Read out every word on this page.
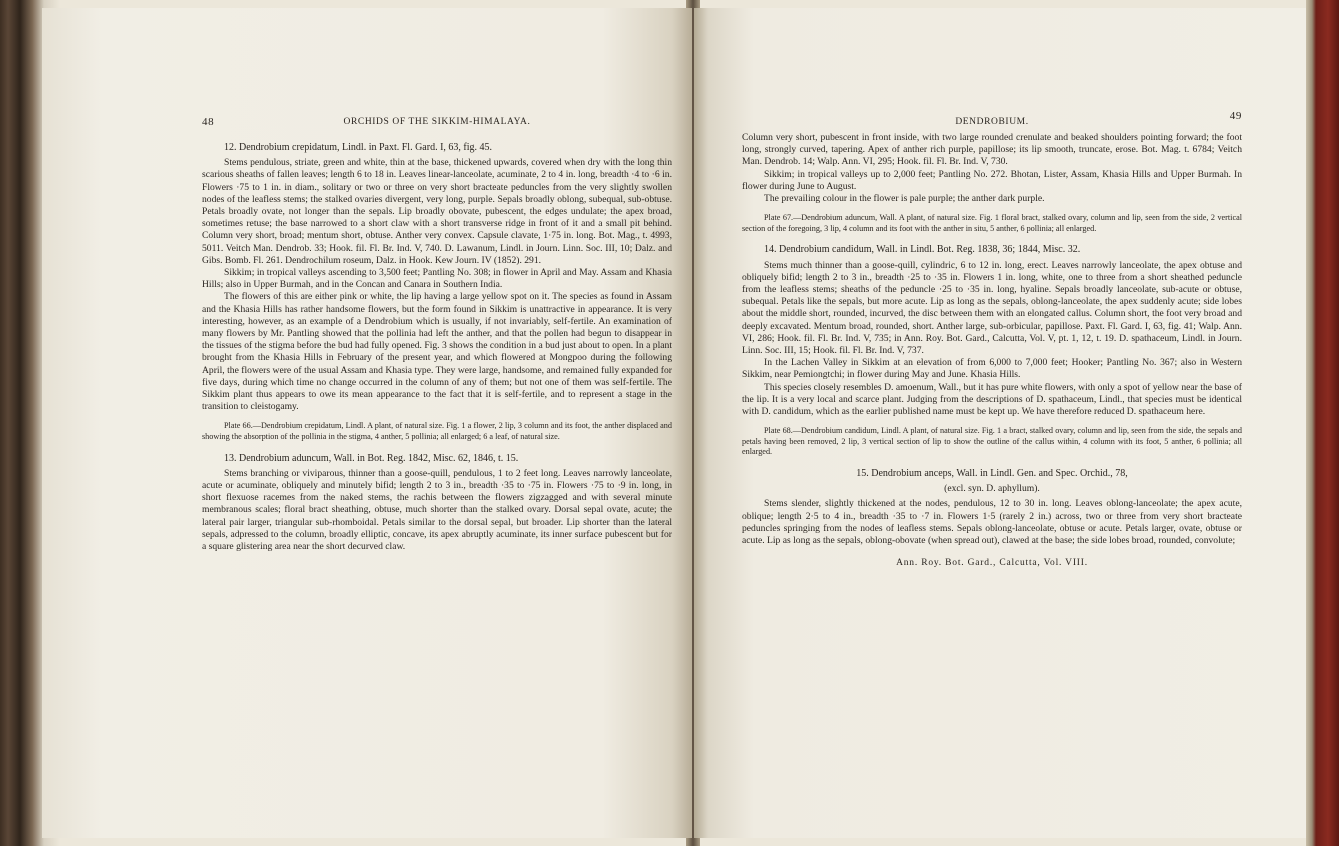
48	ORCHIDS OF THE SIKKIM-HIMALAYA.
12. Dendrobium crepidatum, Lindl. in Paxt. Fl. Gard. I, 63, fig. 45.

Stems pendulous, striate, green and white, thin at the base, thickened upwards, covered when dry with the long thin scarious sheaths of fallen leaves; length 6 to 18 in. Leaves linear-lanceolate, acuminate, 2 to 4 in. long, breadth ·4 to ·6 in. Flowers ·75 to 1 in. in diam., solitary or two or three on very short bracteate peduncles from the very slightly swollen nodes of the leafless stems; the stalked ovaries divergent, very long, purple. Sepals broadly oblong, subequal, sub-obtuse. Petals broadly ovate, not longer than the sepals. Lip broadly obovate, pubescent, the edges undulate; the apex broad, sometimes retuse; the base narrowed to a short claw with a short transverse ridge in front of it and a small pit behind. Column very short, broad; mentum short, obtuse. Anther very convex. Capsule clavate, 1·75 in. long. Bot. Mag., t. 4993, 5011. Veitch Man. Dendrob. 33; Hook. fil. Fl. Br. Ind. V, 740. D. Lawanum, Lindl. in Journ. Linn. Soc. III, 10; Dalz. and Gibs. Bomb. Fl. 261. Dendrochilum roseum, Dalz. in Hook. Kew Journ. IV (1852). 291.

Sikkim; in tropical valleys ascending to 3,500 feet; Pantling No. 308; in flower in April and May. Assam and Khasia Hills; also in Upper Burmah, and in the Concan and Canara in Southern India.

The flowers of this are either pink or white, the lip having a large yellow spot on it. The species as found in Assam and the Khasia Hills has rather handsome flowers, but the form found in Sikkim is unattractive in appearance. It is very interesting, however, as an example of a Dendrobium which is usually, if not invariably, self-fertile. An examination of many flowers by Mr. Pantling showed that the pollinia had left the anther, and that the pollen had begun to disappear in the tissues of the stigma before the bud had fully opened. Fig. 3 shows the condition in a bud just about to open. In a plant brought from the Khasia Hills in February of the present year, and which flowered at Mongpoo during the following April, the flowers were of the usual Assam and Khasia type. They were large, handsome, and remained fully expanded for five days, during which time no change occurred in the column of any of them; but not one of them was self-fertile. The Sikkim plant thus appears to owe its mean appearance to the fact that it is self-fertile, and to represent a stage in the transition to cleistogamy.

Plate 66.—Dendrobium crepidatum, Lindl. A plant, of natural size. Fig. 1 a flower, 2 lip, 3 column and its foot, the anther displaced and showing the absorption of the pollinia in the stigma, 4 anther, 5 pollinia; all enlarged; 6 a leaf, of natural size.

13. Dendrobium aduncum, Wall. in Bot. Reg. 1842, Misc. 62, 1846, t. 15.

Stems branching or viviparous, thinner than a goose-quill, pendulous, 1 to 2 feet long. Leaves narrowly lanceolate, acute or acuminate, obliquely and minutely bifid; length 2 to 3 in., breadth ·35 to ·75 in. Flowers ·75 to ·9 in. long, in short flexuose racemes from the naked stems, the rachis between the flowers zigzagged and with several minute membranous scales; floral bract sheathing, obtuse, much shorter than the stalked ovary. Dorsal sepal ovate, acute; the lateral pair larger, triangular sub-rhomboidal. Petals similar to the dorsal sepal, but broader. Lip shorter than the lateral sepals, adpressed to the column, broadly elliptic, concave, its apex abruptly acuminate, its inner surface pubescent but for a square glistering area near the short decurved claw.

DENDROBIUM.	49

Column very short, pubescent in front inside, with two large rounded crenulate and beaked shoulders pointing forward; the foot long, strongly curved, tapering. Apex of anther rich purple, papillose; its lip smooth, truncate, erose. Bot. Mag. t. 6784; Veitch Man. Dendrob. 14; Walp. Ann. VI, 295; Hook. fil. Fl. Br. Ind. V, 730.

Sikkim; in tropical valleys up to 2,000 feet; Pantling No. 272. Bhotan, Lister, Assam, Khasia Hills and Upper Burmah. In flower during June to August.

The prevailing colour in the flower is pale purple; the anther dark purple.

Plate 67.—Dendrobium aduncum, Wall. A plant, of natural size. Fig. 1 floral bract, stalked ovary, column and lip, seen from the side, 2 vertical section of the foregoing, 3 lip, 4 column and its foot with the anther in situ, 5 anther, 6 pollinia; all enlarged.

14. Dendrobium candidum, Wall. in Lindl. Bot. Reg. 1838, 36; 1844, Misc. 32.

Stems much thinner than a goose-quill, cylindric, 6 to 12 in. long, erect. Leaves narrowly lanceolate, the apex obtuse and obliquely bifid; length 2 to 3 in., breadth ·25 to ·35 in. Flowers 1 in. long, white, one to three from a short sheathed peduncle from the leafless stems; sheaths of the peduncle ·25 to ·35 in. long, hyaline. Sepals broadly lanceolate, sub-acute or obtuse, subequal. Petals like the sepals, but more acute. Lip as long as the sepals, oblong-lanceolate, the apex suddenly acute; side lobes about the middle short, rounded, incurved, the disc between them with an elongated callus. Column short, the foot very broad and deeply excavated. Mentum broad, rounded, short. Anther large, sub-orbicular, papillose. Paxt. Fl. Gard. I, 63, fig. 41; Walp. Ann. VI, 286; Hook. fil. Fl. Br. Ind. V, 735; in Ann. Roy. Bot. Gard., Calcutta, Vol. V, pt. 1, 12, t. 19. D. spathaceum, Lindl. in Journ. Linn. Soc. III, 15; Hook. fil. Fl. Br. Ind. V, 737.

In the Lachen Valley in Sikkim at an elevation of from 6,000 to 7,000 feet; Hooker; Pantling No. 367; also in Western Sikkim, near Pemiongtchi; in flower during May and June. Khasia Hills.

This species closely resembles D. amoenum, Wall., but it has pure white flowers, with only a spot of yellow near the base of the lip. It is a very local and scarce plant. Judging from the descriptions of D. spathaceum, Lindl., that species must be identical with D. candidum, which as the earlier published name must be kept up. We have therefore reduced D. spathaceum here.

Plate 68.—Dendrobium candidum, Lindl. A plant, of natural size. Fig. 1 a bract, stalked ovary, column and lip, seen from the side, the sepals and petals having been removed, 2 lip, 3 vertical section of lip to show the outline of the callus within, 4 column with its foot, 5 anther, 6 pollinia; all enlarged.

15. Dendrobium anceps, Wall. in Lindl. Gen. and Spec. Orchid., 78,
(excl. syn. D. aphyllum).

Stems slender, slightly thickened at the nodes, pendulous, 12 to 30 in. long. Leaves oblong-lanceolate; the apex acute, oblique; length 2·5 to 4 in., breadth ·35 to ·7 in. Flowers 1·5 (rarely 2 in.) across, two or three from very short bracteate peduncles springing from the nodes of leafless stems. Sepals oblong-lanceolate, obtuse or acute. Petals larger, ovate, obtuse or acute. Lip as long as the sepals, oblong-obovate (when spread out), clawed at the base; the side lobes broad, rounded, convolute;

Ann. Roy. Bot. Gard., Calcutta, Vol. VIII.
